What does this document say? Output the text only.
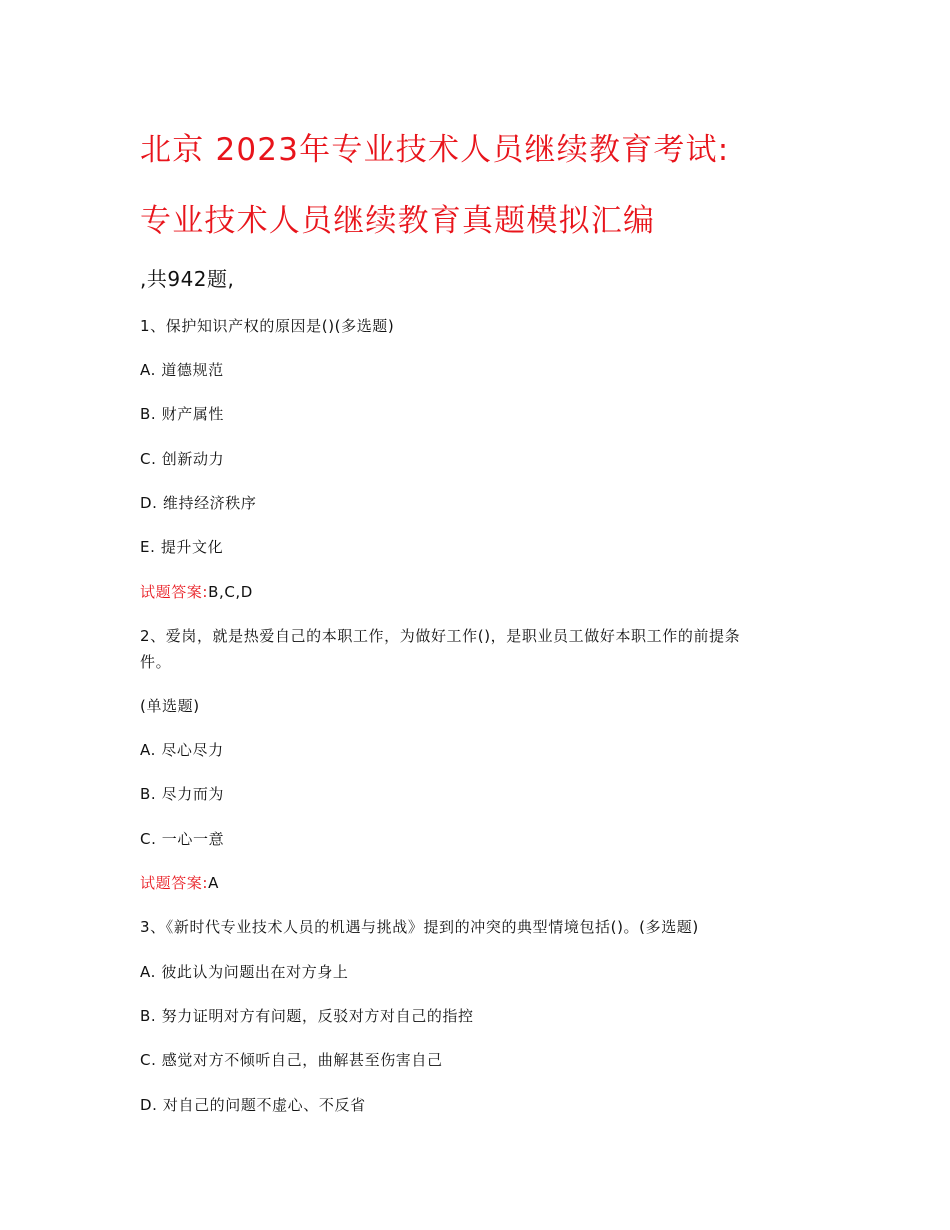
北京 2023年专业技术人员继续教育考试:
专业技术人员继续教育真题模拟汇编
,共942题,
1、保护知识产权的原因是()(多选题)
A. 道德规范
B. 财产属性
C. 创新动力
D. 维持经济秩序
E. 提升文化
试题答案:B,C,D
2、爱岗，就是热爱自己的本职工作，为做好工作()，是职业员工做好本职工作的前提条
件。
(单选题)
A. 尽心尽力
B. 尽力而为
C. 一心一意
试题答案:A
3、《新时代专业技术人员的机遇与挑战》提到的冲突的典型情境包括()。(多选题)
A. 彼此认为问题出在对方身上
B. 努力证明对方有问题，反驳对方对自己的指控
C. 感觉对方不倾听自己，曲解甚至伤害自己
D. 对自己的问题不虚心、不反省
